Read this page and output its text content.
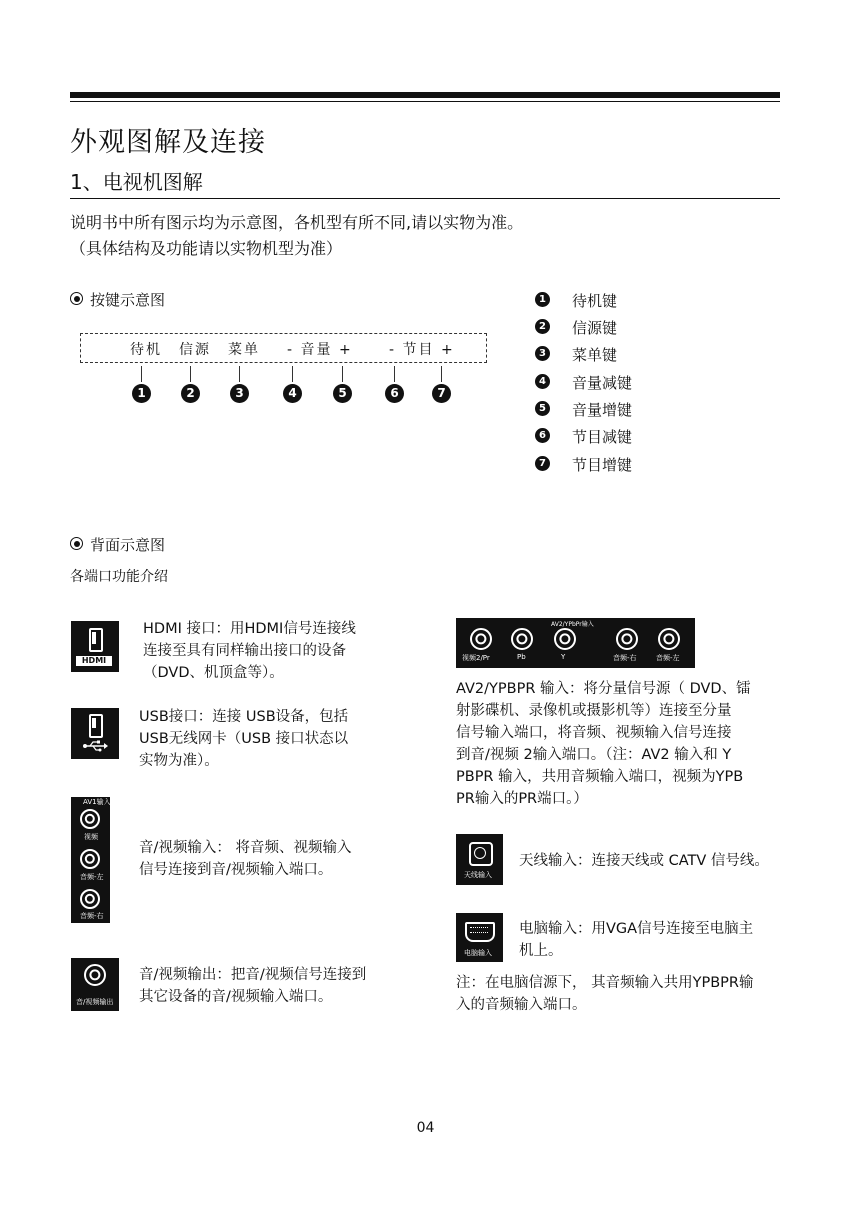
外观图解及连接
1、电视机图解
说明书中所有图示均为示意图，各机型有所不同,请以实物为准。
（具体结构及功能请以实物机型为准）
按键示意图
待机 信源 菜单 - 音量 +	- 节目 +
1	2	3	4	5	6	7
1 待机键
2 信源键
3 菜单键
4 音量减键
5 音量增键
6 节目减键
7 节目增键
背面示意图
各端口功能介绍
HDMI
HDMI 接口：用HDMI信号连接线
连接至具有同样输出接口的设备
（DVD、机顶盒等）。
USB接口：连接 USB设备，包括
USB无线网卡（USB 接口状态以
实物为准）。
AV1输入
视频
音频-左
音频-右
音/视频输入： 将音频、视频输入
信号连接到音/视频输入端口。
音/视频输出
音/视频输出：把音/视频信号连接到
其它设备的音/视频输入端口。
AV2/YPbPr输入
视频2/Pr	Pb	Y	音频-右	音频-左
AV2/YPBPR 输入：将分量信号源（ DVD、镭
射影碟机、录像机或摄影机等）连接至分量
信号输入端口，将音频、视频输入信号连接
到音/视频 2输入端口。（注：AV2 输入和 Y
PBPR 输入，共用音频输入端口，视频为YPB
PR输入的PR端口。）
天线输入
天线输入：连接天线或 CATV 信号线。
电脑输入
电脑输入：用VGA信号连接至电脑主
机上。
注：在电脑信源下， 其音频输入共用YPBPR输
入的音频输入端口。
04
